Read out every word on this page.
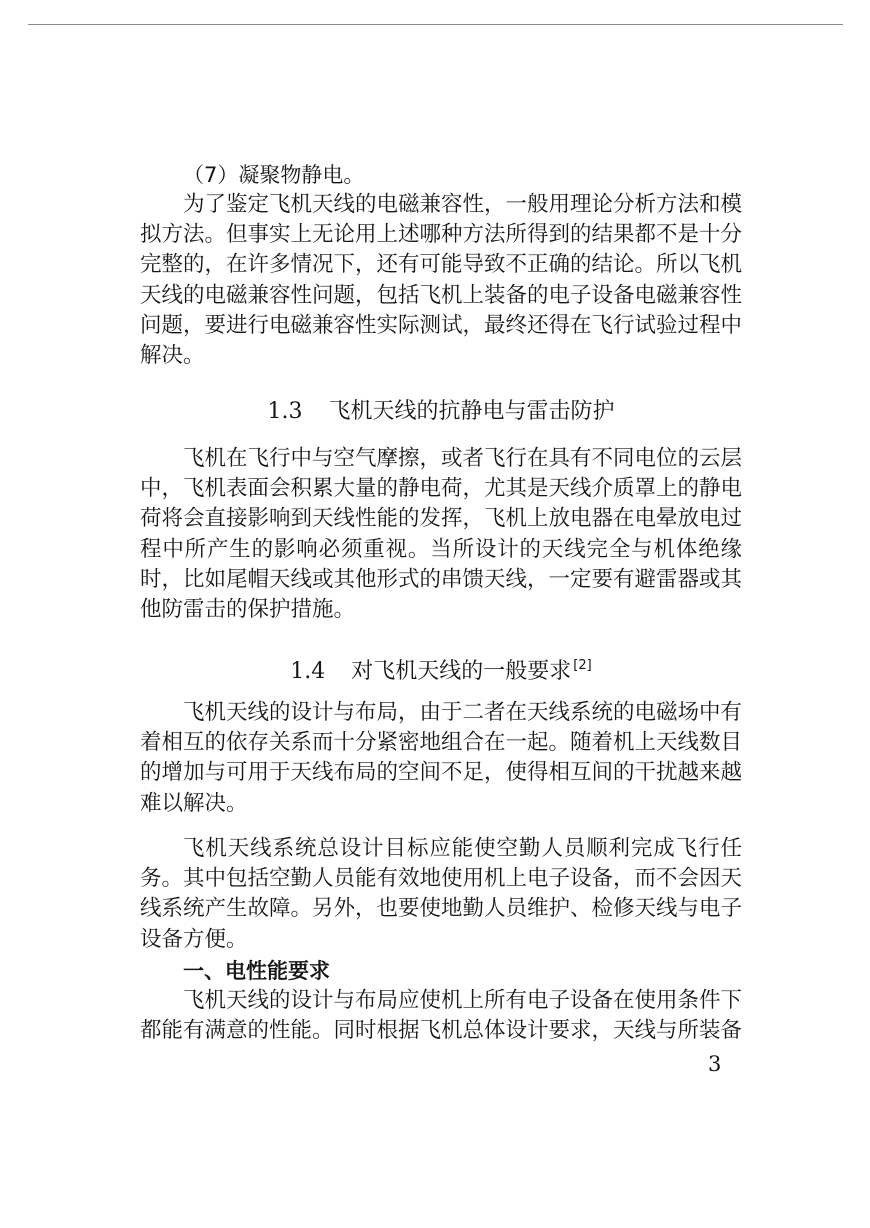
（7）凝聚物静电。

为了鉴定飞机天线的电磁兼容性，一般用理论分析方法和模拟方法。但事实上无论用上述哪种方法所得到的结果都不是十分完整的，在许多情况下，还有可能导致不正确的结论。所以飞机天线的电磁兼容性问题，包括飞机上装备的电子设备电磁兼容性问题，要进行电磁兼容性实际测试，最终还得在飞行试验过程中解决。

1.3 飞机天线的抗静电与雷击防护

飞机在飞行中与空气摩擦，或者飞行在具有不同电位的云层中，飞机表面会积累大量的静电荷，尤其是天线介质罩上的静电荷将会直接影响到天线性能的发挥，飞机上放电器在电晕放电过程中所产生的影响必须重视。当所设计的天线完全与机体绝缘时，比如尾帽天线或其他形式的串馈天线，一定要有避雷器或其他防雷击的保护措施。

1.4 对飞机天线的一般要求 [2]

飞机天线的设计与布局，由于二者在天线系统的电磁场中有着相互的依存关系而十分紧密地组合在一起。随着机上天线数目的增加与可用于天线布局的空间不足，使得相互间的干扰越来越难以解决。

飞机天线系统总设计目标应能使空勤人员顺利完成飞行任务。其中包括空勤人员能有效地使用机上电子设备，而不会因天线系统产生故障。另外，也要使地勤人员维护、检修天线与电子设备方便。

一、电性能要求

飞机天线的设计与布局应使机上所有电子设备在使用条件下都能有满意的性能。同时根据飞机总体设计要求，天线与所装备

3
